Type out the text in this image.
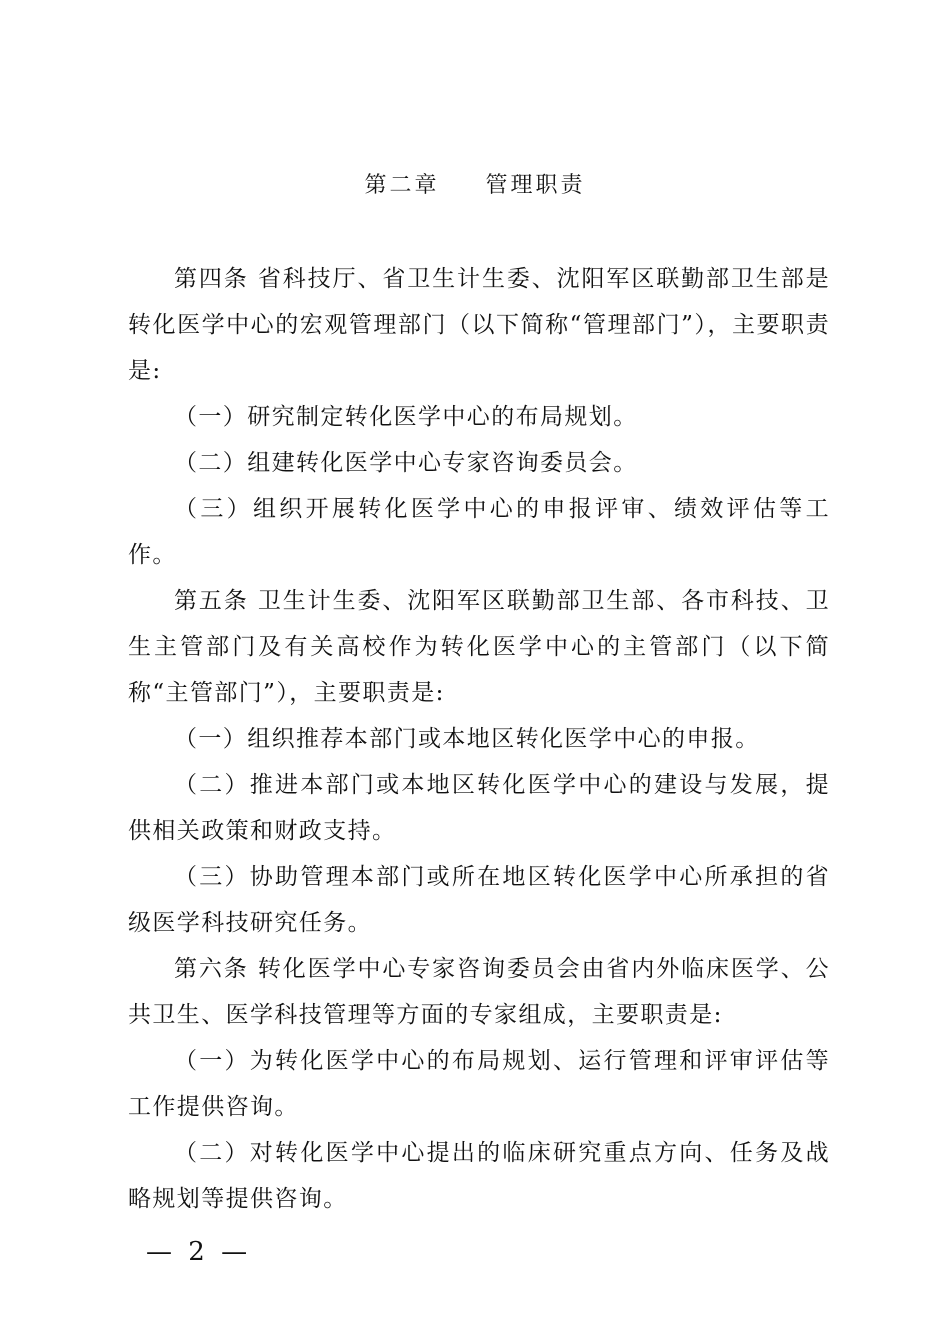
第二章 管理职责

第四条 省科技厅、省卫生计生委、沈阳军区联勤部卫生部是转化医学中心的宏观管理部门（以下简称“管理部门”），主要职责是:

（一）研究制定转化医学中心的布局规划。

（二）组建转化医学中心专家咨询委员会。

（三）组织开展转化医学中心的申报评审、绩效评估等工作。

第五条 卫生计生委、沈阳军区联勤部卫生部、各市科技、卫生主管部门及有关高校作为转化医学中心的主管部门（以下简称“主管部门”），主要职责是:

（一）组织推荐本部门或本地区转化医学中心的申报。

（二）推进本部门或本地区转化医学中心的建设与发展，提供相关政策和财政支持。

（三）协助管理本部门或所在地区转化医学中心所承担的省级医学科技研究任务。

第六条 转化医学中心专家咨询委员会由省内外临床医学、公共卫生、医学科技管理等方面的专家组成，主要职责是:

（一）为转化医学中心的布局规划、运行管理和评审评估等工作提供咨询。

（二）对转化医学中心提出的临床研究重点方向、任务及战略规划等提供咨询。

— 2 —
